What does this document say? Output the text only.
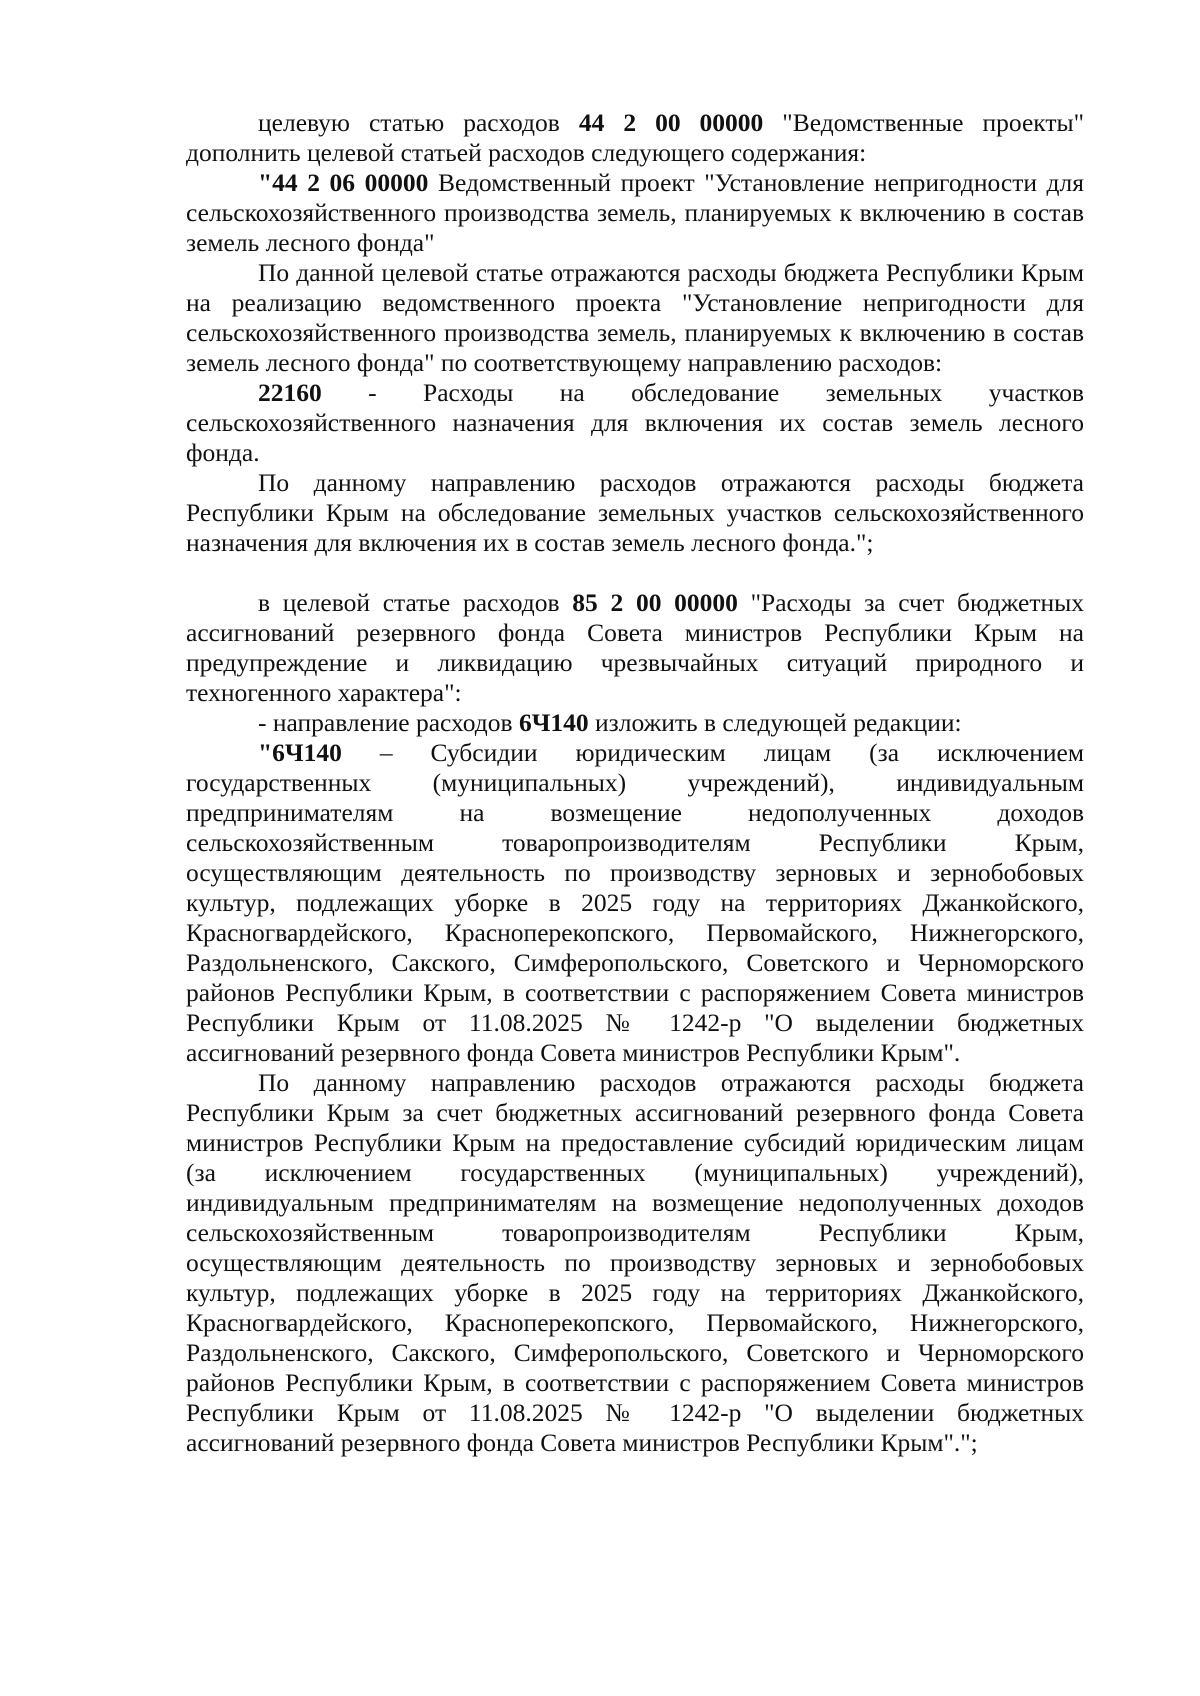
целевую статью расходов 44 2 00 00000 "Ведомственные проекты" дополнить целевой статьей расходов следующего содержания:

"44 2 06 00000 Ведомственный проект "Установление непригодности для сельскохозяйственного производства земель, планируемых к включению в состав земель лесного фонда"

По данной целевой статье отражаются расходы бюджета Республики Крым на реализацию ведомственного проекта "Установление непригодности для сельскохозяйственного производства земель, планируемых к включению в состав земель лесного фонда" по соответствующему направлению расходов:

22160 - Расходы на обследование земельных участков сельскохозяйственного назначения для включения их состав земель лесного фонда.

По данному направлению расходов отражаются расходы бюджета Республики Крым на обследование земельных участков сельскохозяйственного назначения для включения их в состав земель лесного фонда.";

в целевой статье расходов 85 2 00 00000 "Расходы за счет бюджетных ассигнований резервного фонда Совета министров Республики Крым на предупреждение и ликвидацию чрезвычайных ситуаций природного и техногенного характера":

- направление расходов 6Ч140 изложить в следующей редакции:

"6Ч140 – Субсидии юридическим лицам (за исключением государственных (муниципальных) учреждений), индивидуальным предпринимателям на возмещение недополученных доходов сельскохозяйственным товаропроизводителям Республики Крым, осуществляющим деятельность по производству зерновых и зернобобовых культур, подлежащих уборке в 2025 году на территориях Джанкойского, Красногвардейского, Красноперекопского, Первомайского, Нижнегорского, Раздольненского, Сакского, Симферопольского, Советского и Черноморского районов Республики Крым, в соответствии с распоряжением Совета министров Республики Крым от 11.08.2025 № 1242-р "О выделении бюджетных ассигнований резервного фонда Совета министров Республики Крым".

По данному направлению расходов отражаются расходы бюджета Республики Крым за счет бюджетных ассигнований резервного фонда Совета министров Республики Крым на предоставление субсидий юридическим лицам (за исключением государственных (муниципальных) учреждений), индивидуальным предпринимателям на возмещение недополученных доходов сельскохозяйственным товаропроизводителям Республики Крым, осуществляющим деятельность по производству зерновых и зернобобовых культур, подлежащих уборке в 2025 году на территориях Джанкойского, Красногвардейского, Красноперекопского, Первомайского, Нижнегорского, Раздольненского, Сакского, Симферопольского, Советского и Черноморского районов Республики Крым, в соответствии с распоряжением Совета министров Республики Крым от 11.08.2025 № 1242-р "О выделении бюджетных ассигнований резервного фонда Совета министров Республики Крым".";
